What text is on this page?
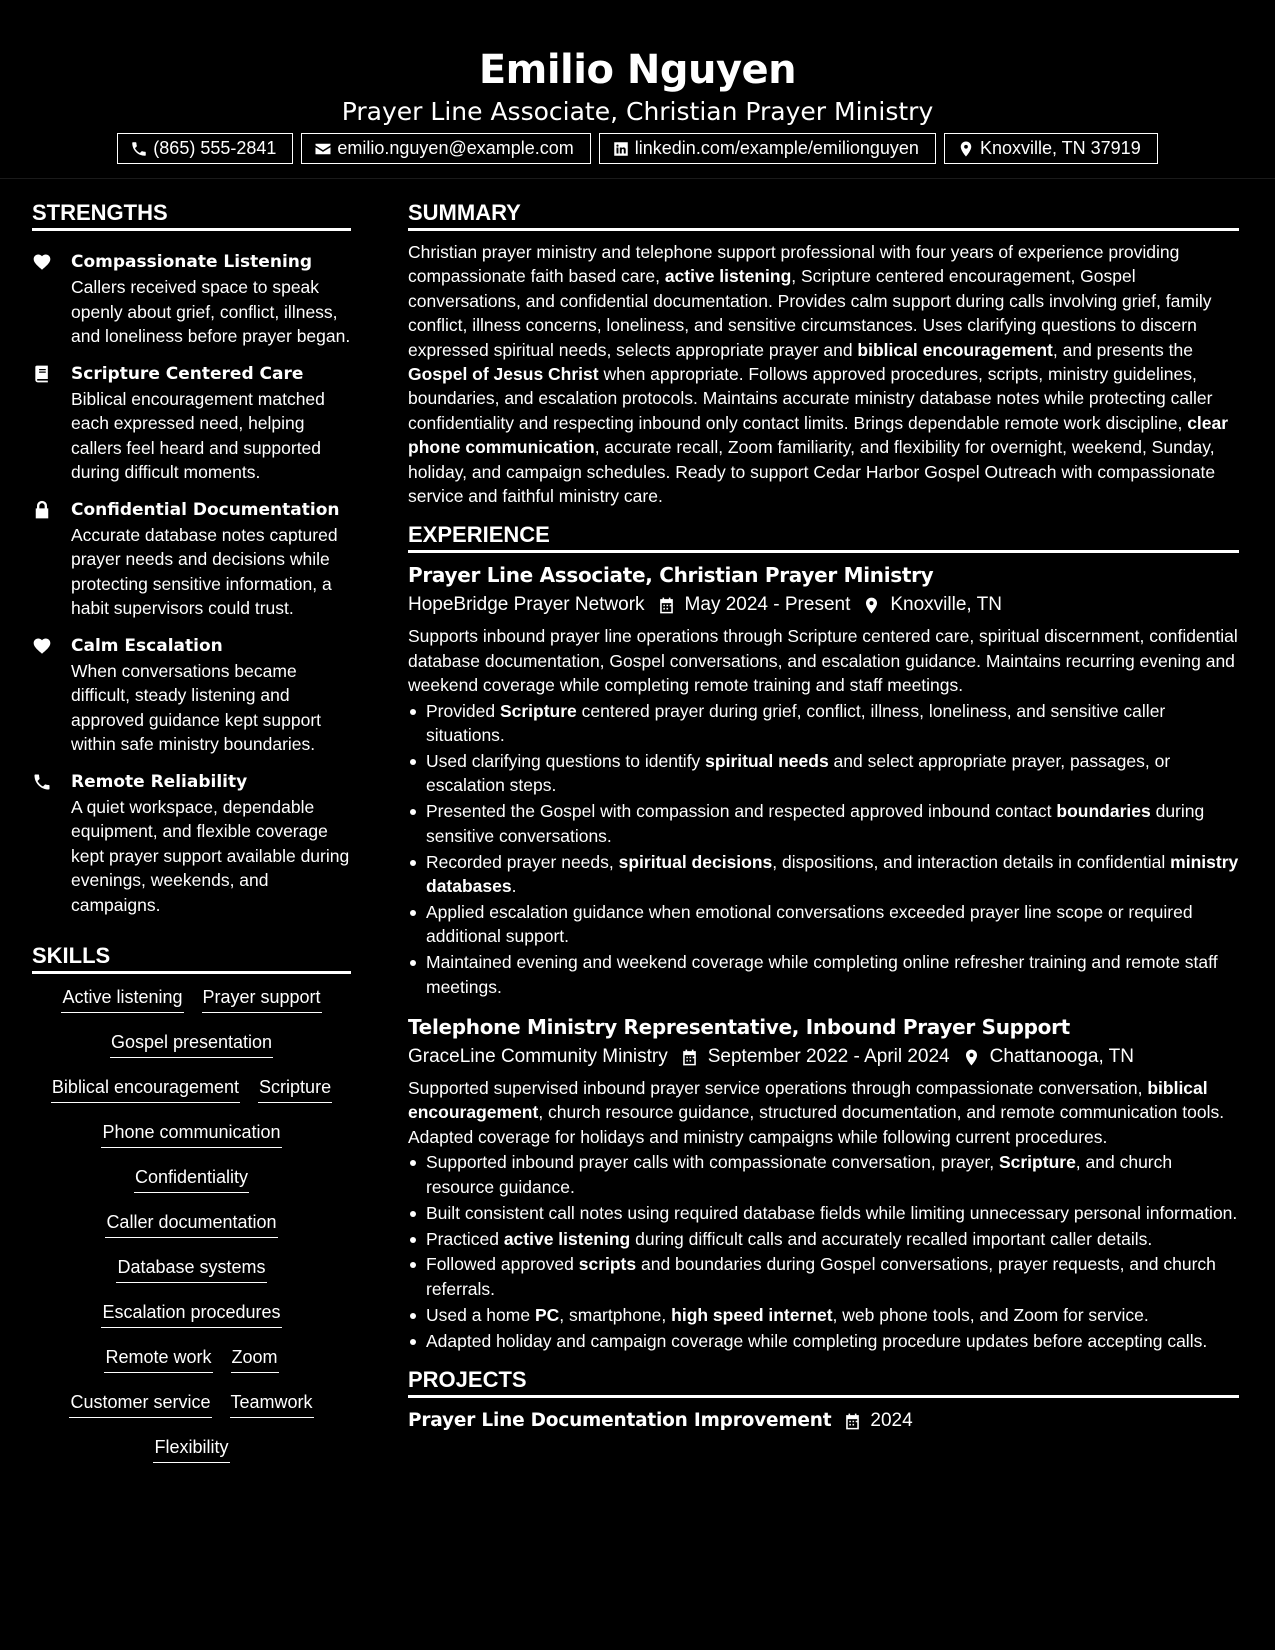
Emilio Nguyen
Prayer Line Associate, Christian Prayer Ministry
(865) 555-2841	emilio.nguyen@example.com	linkedin.com/example/emilionguyen	Knoxville, TN 37919
STRENGTHS
Compassionate Listening
Callers received space to speak openly about grief, conflict, illness, and loneliness before prayer began.
Scripture Centered Care
Biblical encouragement matched each expressed need, helping callers feel heard and supported during difficult moments.
Confidential Documentation
Accurate database notes captured prayer needs and decisions while protecting sensitive information, a habit supervisors could trust.
Calm Escalation
When conversations became difficult, steady listening and approved guidance kept support within safe ministry boundaries.
Remote Reliability
A quiet workspace, dependable equipment, and flexible coverage kept prayer support available during evenings, weekends, and campaigns.
SKILLS
Active listening Prayer support
Gospel presentation
Biblical encouragement Scripture
Phone communication
Confidentiality
Caller documentation
Database systems
Escalation procedures
Remote work Zoom
Customer service Teamwork
Flexibility
SUMMARY

Christian prayer ministry and telephone support professional with four years of experience providing compassionate faith based care, active listening, Scripture centered encouragement, Gospel conversations, and confidential documentation. Provides calm support during calls involving grief, family conflict, illness concerns, loneliness, and sensitive circumstances. Uses clarifying questions to discern expressed spiritual needs, selects appropriate prayer and biblical encouragement, and presents the Gospel of Jesus Christ when appropriate. Follows approved procedures, scripts, ministry guidelines, boundaries, and escalation protocols. Maintains accurate ministry database notes while protecting caller confidentiality and respecting inbound only contact limits. Brings dependable remote work discipline, clear phone communication, accurate recall, Zoom familiarity, and flexibility for overnight, weekend, Sunday, holiday, and campaign schedules. Ready to support Cedar Harbor Gospel Outreach with compassionate service and faithful ministry care.

EXPERIENCE
Prayer Line Associate, Christian Prayer Ministry
HopeBridge Prayer Network May 2024 - Present Knoxville, TN

Supports inbound prayer line operations through Scripture centered care, spiritual discernment, confidential database documentation, Gospel conversations, and escalation guidance. Maintains recurring evening and weekend coverage while completing remote training and staff meetings.

Provided Scripture centered prayer during grief, conflict, illness, loneliness, and sensitive caller situations.
Used clarifying questions to identify spiritual needs and select appropriate prayer, passages, or escalation steps.
Presented the Gospel with compassion and respected approved inbound contact boundaries during sensitive conversations.
Recorded prayer needs, spiritual decisions, dispositions, and interaction details in confidential ministry databases.
Applied escalation guidance when emotional conversations exceeded prayer line scope or required additional support.
Maintained evening and weekend coverage while completing online refresher training and remote staff meetings.
Telephone Ministry Representative, Inbound Prayer Support
GraceLine Community Ministry September 2022 - April 2024 Chattanooga, TN

Supported supervised inbound prayer service operations through compassionate conversation, biblical encouragement, church resource guidance, structured documentation, and remote communication tools. Adapted coverage for holidays and ministry campaigns while following current procedures.

Supported inbound prayer calls with compassionate conversation, prayer, Scripture, and church resource guidance.
Built consistent call notes using required database fields while limiting unnecessary personal information.
Practiced active listening during difficult calls and accurately recalled important caller details.
Followed approved scripts and boundaries during Gospel conversations, prayer requests, and church referrals.
Used a home PC, smartphone, high speed internet, web phone tools, and Zoom for service.
Adapted holiday and campaign coverage while completing procedure updates before accepting calls.
PROJECTS
Prayer Line Documentation Improvement 2024
